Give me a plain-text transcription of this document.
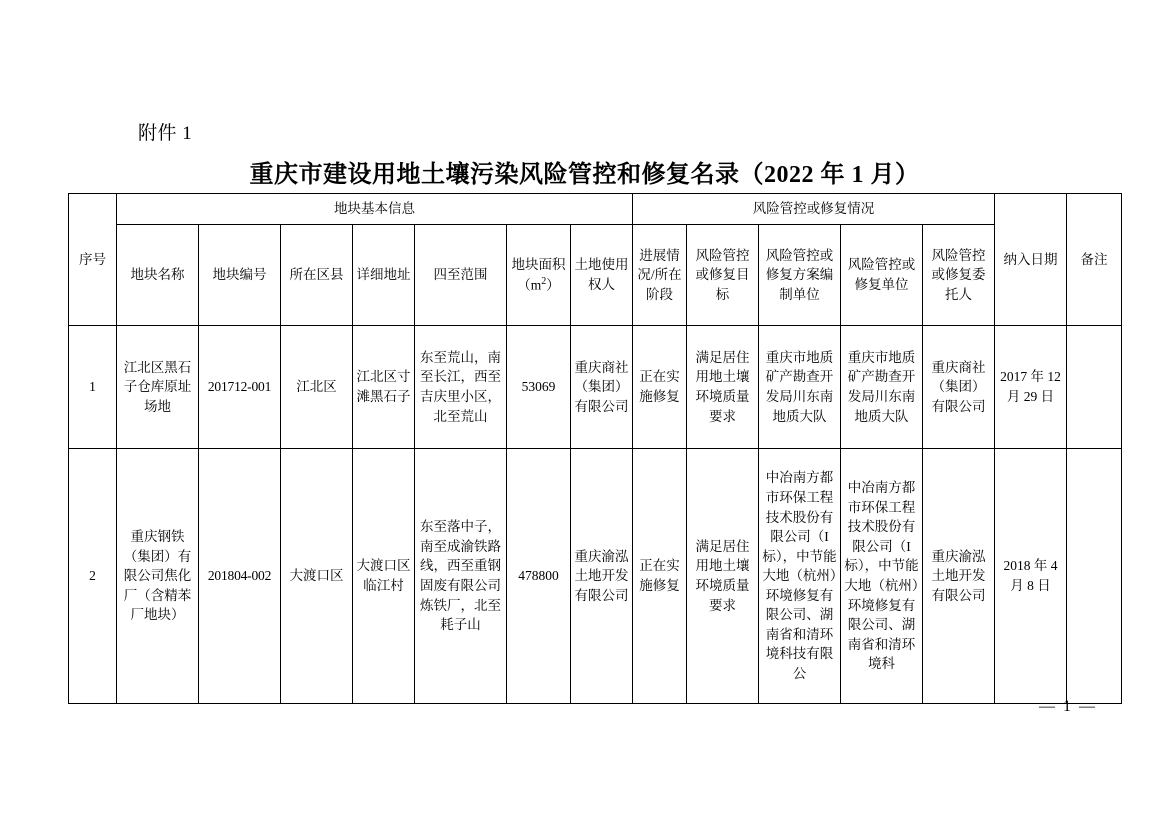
附件 1
重庆市建设用地土壤污染风险管控和修复名录（2022 年 1 月）
序号	地块基本信息							风险管控或修复情况					纳入日期	备注
	地块名称	地块编号	所在区县	详细地址	四至范围	地块面积$(m^2)$	土地使用权人	进展情况/所在阶段	风险管控或修复目标	风险管控或修复方案编制单位	风险管控或修复单位	风险管控或修复委托人		
1	江北区黑石子仓库原址场地	201712-001	江北区	江北区寸滩黑石子	东至荒山，南至长江，西至吉庆里小区，北至荒山	53069	重庆商社（集团）有限公司	正在实施修复	满足居住用地土壤环境质量要求	重庆市地质矿产勘查开发局川东南地质大队	重庆市地质矿产勘查开发局川东南地质大队	重庆商社（集团）有限公司	2017 年 12 月 29 日	
2	重庆钢铁（集团）有限公司焦化厂（含精苯厂地块）	201804-002	大渡口区	大渡口区临江村	东至落中子，南至成渝铁路线，西至重钢固废有限公司炼铁厂，北至耗子山	478800	重庆渝泓土地开发有限公司	正在实施修复	满足居住用地土壤环境质量要求	中冶南方都市环保工程技术股份有限公司（I 标），中节能大地（杭州）环境修复有限公司、湖南省和清环境科技有限公	中冶南方都市环保工程技术股份有限公司（I 标），中节能大地（杭州）环境修复有限公司、湖南省和清环境科	重庆渝泓土地开发有限公司	2018 年 4 月 8 日	
— 1 —
